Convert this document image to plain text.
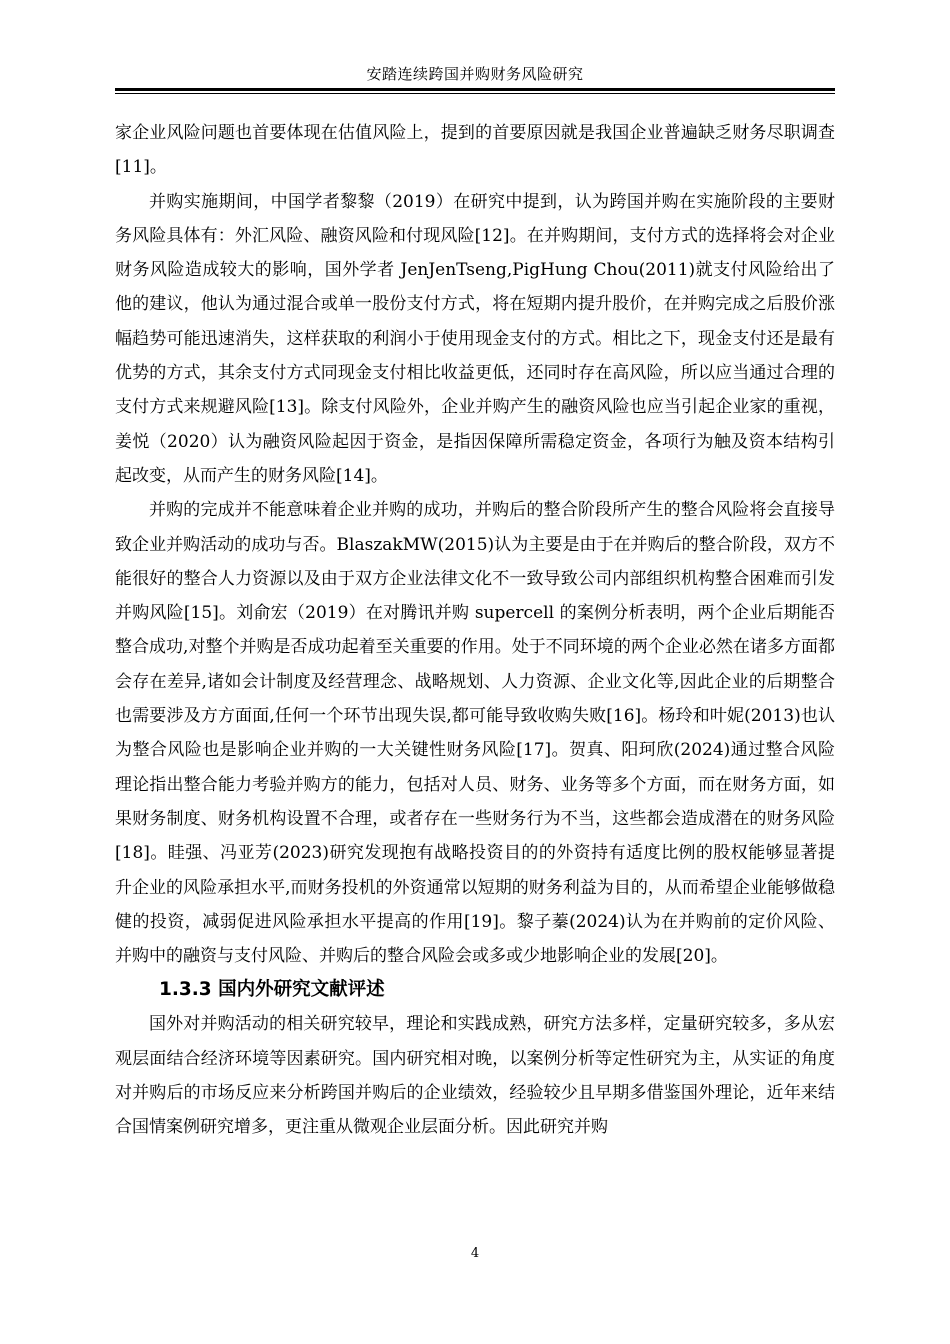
安踏连续跨国并购财务风险研究

家企业风险问题也首要体现在估值风险上，提到的首要原因就是我国企业普遍缺乏财务尽职调查[11]。

并购实施期间，中国学者黎黎（2019）在研究中提到，认为跨国并购在实施阶段的主要财务风险具体有：外汇风险、融资风险和付现风险[12]。在并购期间，支付方式的选择将会对企业财务风险造成较大的影响，国外学者 JenJenTseng,PigHung Chou(2011)就支付风险给出了他的建议，他认为通过混合或单一股份支付方式，将在短期内提升股价，在并购完成之后股价涨幅趋势可能迅速消失，这样获取的利润小于使用现金支付的方式。相比之下，现金支付还是最有优势的方式，其余支付方式同现金支付相比收益更低，还同时存在高风险，所以应当通过合理的支付方式来规避风险[13]。除支付风险外，企业并购产生的融资风险也应当引起企业家的重视，姜悦（2020）认为融资风险起因于资金，是指因保障所需稳定资金，各项行为触及资本结构引起改变，从而产生的财务风险[14]。

并购的完成并不能意味着企业并购的成功，并购后的整合阶段所产生的整合风险将会直接导致企业并购活动的成功与否。BlaszakMW(2015)认为主要是由于在并购后的整合阶段，双方不能很好的整合人力资源以及由于双方企业法律文化不一致导致公司内部组织机构整合困难而引发并购风险[15]。刘俞宏（2019）在对腾讯并购 supercell 的案例分析表明，两个企业后期能否整合成功,对整个并购是否成功起着至关重要的作用。处于不同环境的两个企业必然在诸多方面都会存在差异,诸如会计制度及经营理念、战略规划、人力资源、企业文化等,因此企业的后期整合也需要涉及方方面面,任何一个环节出现失误,都可能导致收购失败[16]。杨玲和叶妮(2013)也认为整合风险也是影响企业并购的一大关键性财务风险[17]。贺真、阳珂欣(2024)通过整合风险理论指出整合能力考验并购方的能力，包括对人员、财务、业务等多个方面，而在财务方面，如果财务制度、财务机构设置不合理，或者存在一些财务行为不当，这些都会造成潜在的财务风险[18]。眭强、冯亚芳(2023)研究发现抱有战略投资目的的外资持有适度比例的股权能够显著提升企业的风险承担水平,而财务投机的外资通常以短期的财务利益为目的，从而希望企业能够做稳健的投资，减弱促进风险承担水平提高的作用[19]。黎子蓁(2024)认为在并购前的定价风险、并购中的融资与支付风险、并购后的整合风险会或多或少地影响企业的发展[20]。

1.3.3 国内外研究文献评述

国外对并购活动的相关研究较早，理论和实践成熟，研究方法多样，定量研究较多，多从宏观层面结合经济环境等因素研究。国内研究相对晚，以案例分析等定性研究为主，从实证的角度对并购后的市场反应来分析跨国并购后的企业绩效，经验较少且早期多借鉴国外理论，近年来结合国情案例研究增多，更注重从微观企业层面分析。因此研究并购

4
